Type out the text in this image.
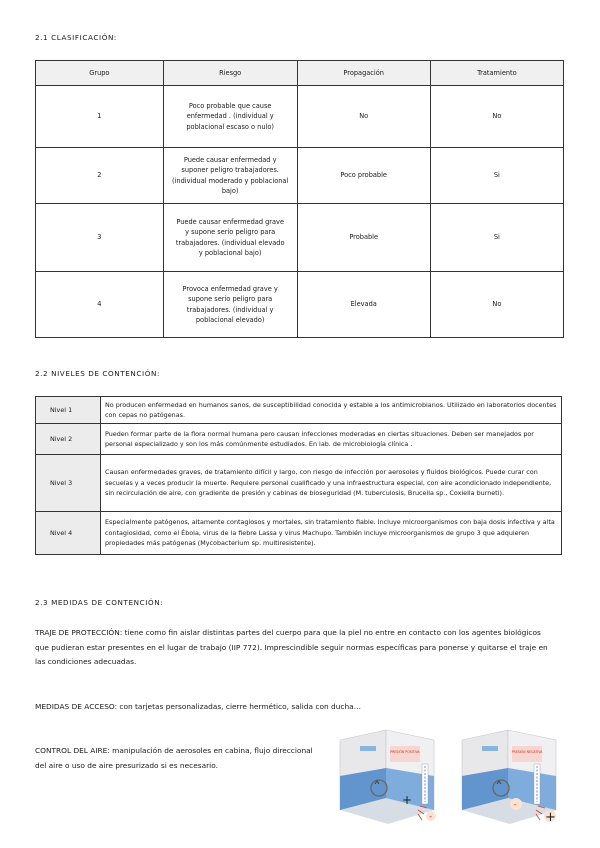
2.1 CLASIFICACIÓN:
Grupo	Riesgo	Propagación	Tratamiento
1	Poco probable que cause enfermedad . (individual y poblacional escaso o nulo)	No	No
2	Puede causar enfermedad y suponer peligro trabajadores. (individual moderado y poblacional bajo)	Poco probable	Si
3	Puede causar enfermedad grave y supone serio peligro para trabajadores. (individual elevado y poblacional bajo)	Probable	Si
4	Provoca enfermedad grave y supone serio peligro para trabajadores. (individual y poblacional elevado)	Elevada	No
2.2 NIVELES DE CONTENCIÓN:
Nivel 1	No producen enfermedad en humanos sanos, de susceptibilidad conocida y estable a los antimicrobianos. Utilizado en laboratorios docentes con cepas no patógenas.
Nivel 2	Pueden formar parte de la flora normal humana pero causan infecciones moderadas en ciertas situaciones. Deben ser manejados por personal especializado y son los más comúnmente estudiados. En lab. de microbiología clínica .
Nivel 3	Causan enfermedades graves, de tratamiento difícil y largo, con riesgo de infección por aerosoles y fluidos biológicos. Puede curar con secuelas y a veces producir la muerte. Requiere personal cualificado y una infraestructura especial, con aire acondicionado independiente, sin recirculación de aire, con gradiente de presión y cabinas de bioseguridad (M. tuberculosis, Brucella sp., Coxiella burneti).
Nivel 4	Especialmente patógenos, altamente contagiosos y mortales, sin tratamiento fiable. Incluye microorganismos con baja dosis infectiva y alta contagiosidad, como el Ébola, virus de la fiebre Lassa y virus Machupo. También incluye microorganismos de grupo 3 que adquieren propiedades más patógenas (Mycobacterium sp. multiresistente).
2.3 MEDIDAS DE CONTENCIÓN:
TRAJE DE PROTECCIÓN: tiene como fin aislar distintas partes del cuerpo para que la piel no entre en contacto con los agentes biológicos que pudieran estar presentes en el lugar de trabajo (IIP 772). Imprescindible seguir normas específicas para ponerse y quitarse el traje en las condiciones adecuadas.
MEDIDAS DE ACCESO: con tarjetas personalizadas, cierre hermético, salida con ducha…
CONTROL DEL AIRE: manipulación de aerosoles en cabina, flujo direccional del aire o uso de aire presurizado si es necesario.
PRESIÓN POSITIVA
+
-
PRESIÓN NEGATIVA
-
+
